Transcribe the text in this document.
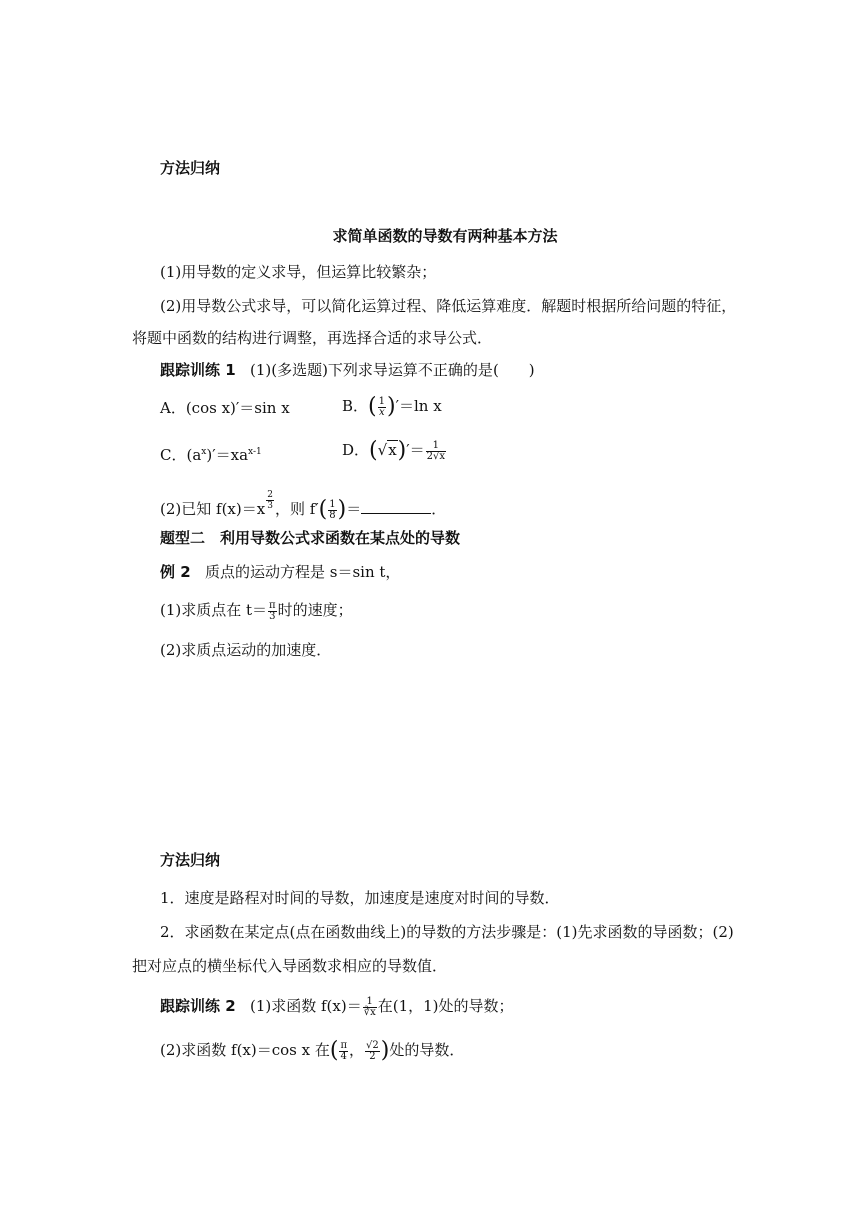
方法归纳
求简单函数的导数有两种基本方法
(1)用导数的定义求导，但运算比较繁杂；
(2)用导数公式求导，可以简化运算过程、降低运算难度．解题时根据所给问题的特征，
将题中函数的结构进行调整，再选择合适的求导公式．
跟踪训练 1 (1)(多选题)下列求导运算不正确的是(　　)
A．(cos x)′＝sin x	B．( $\frac{1}{x} )'=\ln$ x
C．$(a^x)'=xa^{x-1}$	D．$(√x)'= \frac{1}{2√x}$
(2)已知 $f(x)=x \frac{2}{3}$ ，则 $f'( \frac{1}{8}$ )＝	．
题型二　利用导数公式求函数在某点处的导数
例 2 质点的运动方程是 s＝sin t，
(1)求质点在 $t= \frac{\pi}{3}$ 时的速度；
(2)求质点运动的加速度．
方法归纳
1．速度是路程对时间的导数，加速度是速度对时间的导数．
2．求函数在某定点(点在函数曲线上)的导数的方法步骤是：(1)先求函数的导函数；(2)
把对应点的横坐标代入导函数求相应的导数值．
跟踪训练 2 (1)求函数 $f(x)= \frac{1}{∛x}$ 在(1，1)处的导数；
(2)求函数 f(x)＝cos x 在( $\frac{\pi}{4}$ ， $\frac{√2}{2}$ )处的导数．
